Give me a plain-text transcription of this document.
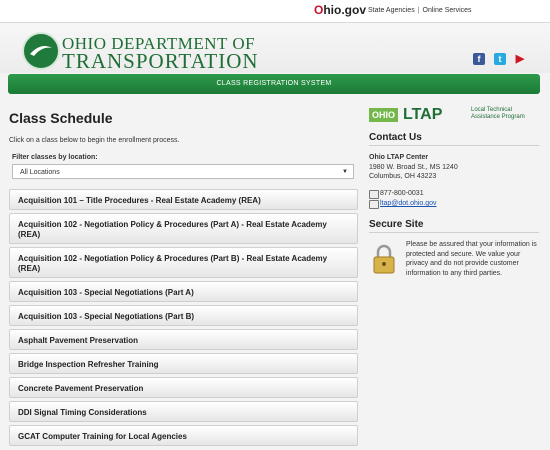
Ohio.gov State Agencies | Online Services
OHIO DEPARTMENT OF
TRANSPORTATION	f	t	▶
CLASS REGISTRATION SYSTEM
Class Schedule
Click on a class below to begin the enrollment process.
Filter classes by location:
All Locations	▼
Acquisition 101 – Title Procedures - Real Estate Academy (REA)
Acquisition 102 - Negotiation Policy & Procedures (Part A) - Real Estate Academy (REA)
Acquisition 102 - Negotiation Policy & Procedures (Part B) - Real Estate Academy (REA)
Acquisition 103 - Special Negotiations (Part A)
Acquisition 103 - Special Negotiations (Part B)
Asphalt Pavement Preservation
Bridge Inspection Refresher Training
Concrete Pavement Preservation
DDI Signal Timing Considerations
GCAT Computer Training for Local Agencies
OHIO LTAP	Local Technical Assistance Program
Contact Us
Ohio LTAP Center
1980 W. Broad St., MS 1240
Columbus, OH 43223
877-800-0031
ltap@dot.ohio.gov
Secure Site
Please be assured that your information is protected and secure. We value your privacy and do not provide customer information to any third parties.
